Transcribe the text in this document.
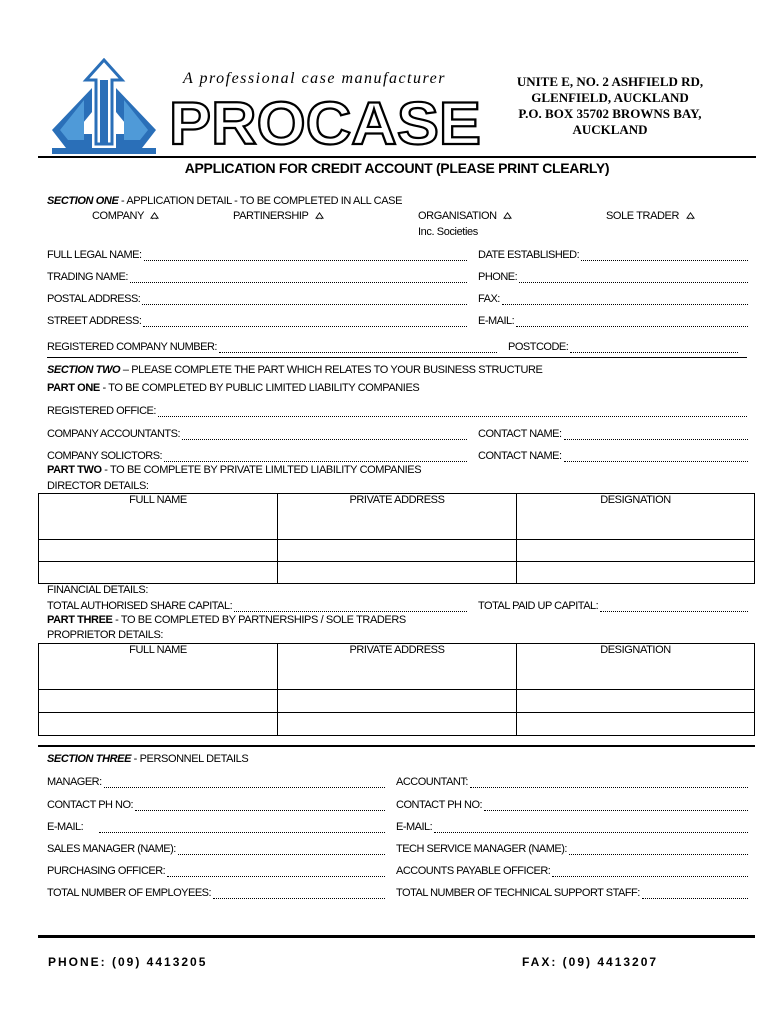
A professional case manufacturer
PROCASE
UNITE E, NO. 2 ASHFIELD RD,
GLENFIELD, AUCKLAND
P.O. BOX 35702 BROWNS BAY,
AUCKLAND
APPLICATION FOR CREDIT ACCOUNT (PLEASE PRINT CLEARLY)
SECTION ONE - APPLICATION DETAIL - TO BE COMPLETED IN ALL CASE
COMPANY	PARTINERSHIP	ORGANISATION	SOLE TRADER
Inc. Societies
FULL LEGAL NAME:	DATE ESTABLISHED:
TRADING NAME:	PHONE:
POSTAL ADDRESS:	FAX:
STREET ADDRESS:	E-MAIL:
REGISTERED COMPANY NUMBER:	POSTCODE:
SECTION TWO – PLEASE COMPLETE THE PART WHICH RELATES TO YOUR BUSINESS STRUCTURE
PART ONE - TO BE COMPLETED BY PUBLIC LIMITED LIABILITY COMPANIES
REGISTERED OFFICE:
COMPANY ACCOUNTANTS:	CONTACT NAME:
COMPANY SOLICTORS:	CONTACT NAME:
PART TWO - TO BE COMPLETE BY PRIVATE LIMLTED LIABILITY COMPANIES
DIRECTOR DETAILS:
FULL NAME	PRIVATE ADDRESS	DESIGNATION

FINANCIAL DETAILS:
TOTAL AUTHORISED SHARE CAPITAL:	TOTAL PAID UP CAPITAL:
PART THREE - TO BE COMPLETED BY PARTNERSHIPS / SOLE TRADERS
PROPRIETOR DETAILS:
FULL NAME	PRIVATE ADDRESS	DESIGNATION

SECTION THREE - PERSONNEL DETAILS
MANAGER:	ACCOUNTANT:
CONTACT PH NO:	CONTACT PH NO:
E-MAIL:	E-MAIL:
SALES MANAGER (NAME):	TECH SERVICE MANAGER (NAME):
PURCHASING OFFICER:	ACCOUNTS PAYABLE OFFICER:
TOTAL NUMBER OF EMPLOYEES:	TOTAL NUMBER OF TECHNICAL SUPPORT STAFF:
PHONE: (09) 4413205	FAX: (09) 4413207
